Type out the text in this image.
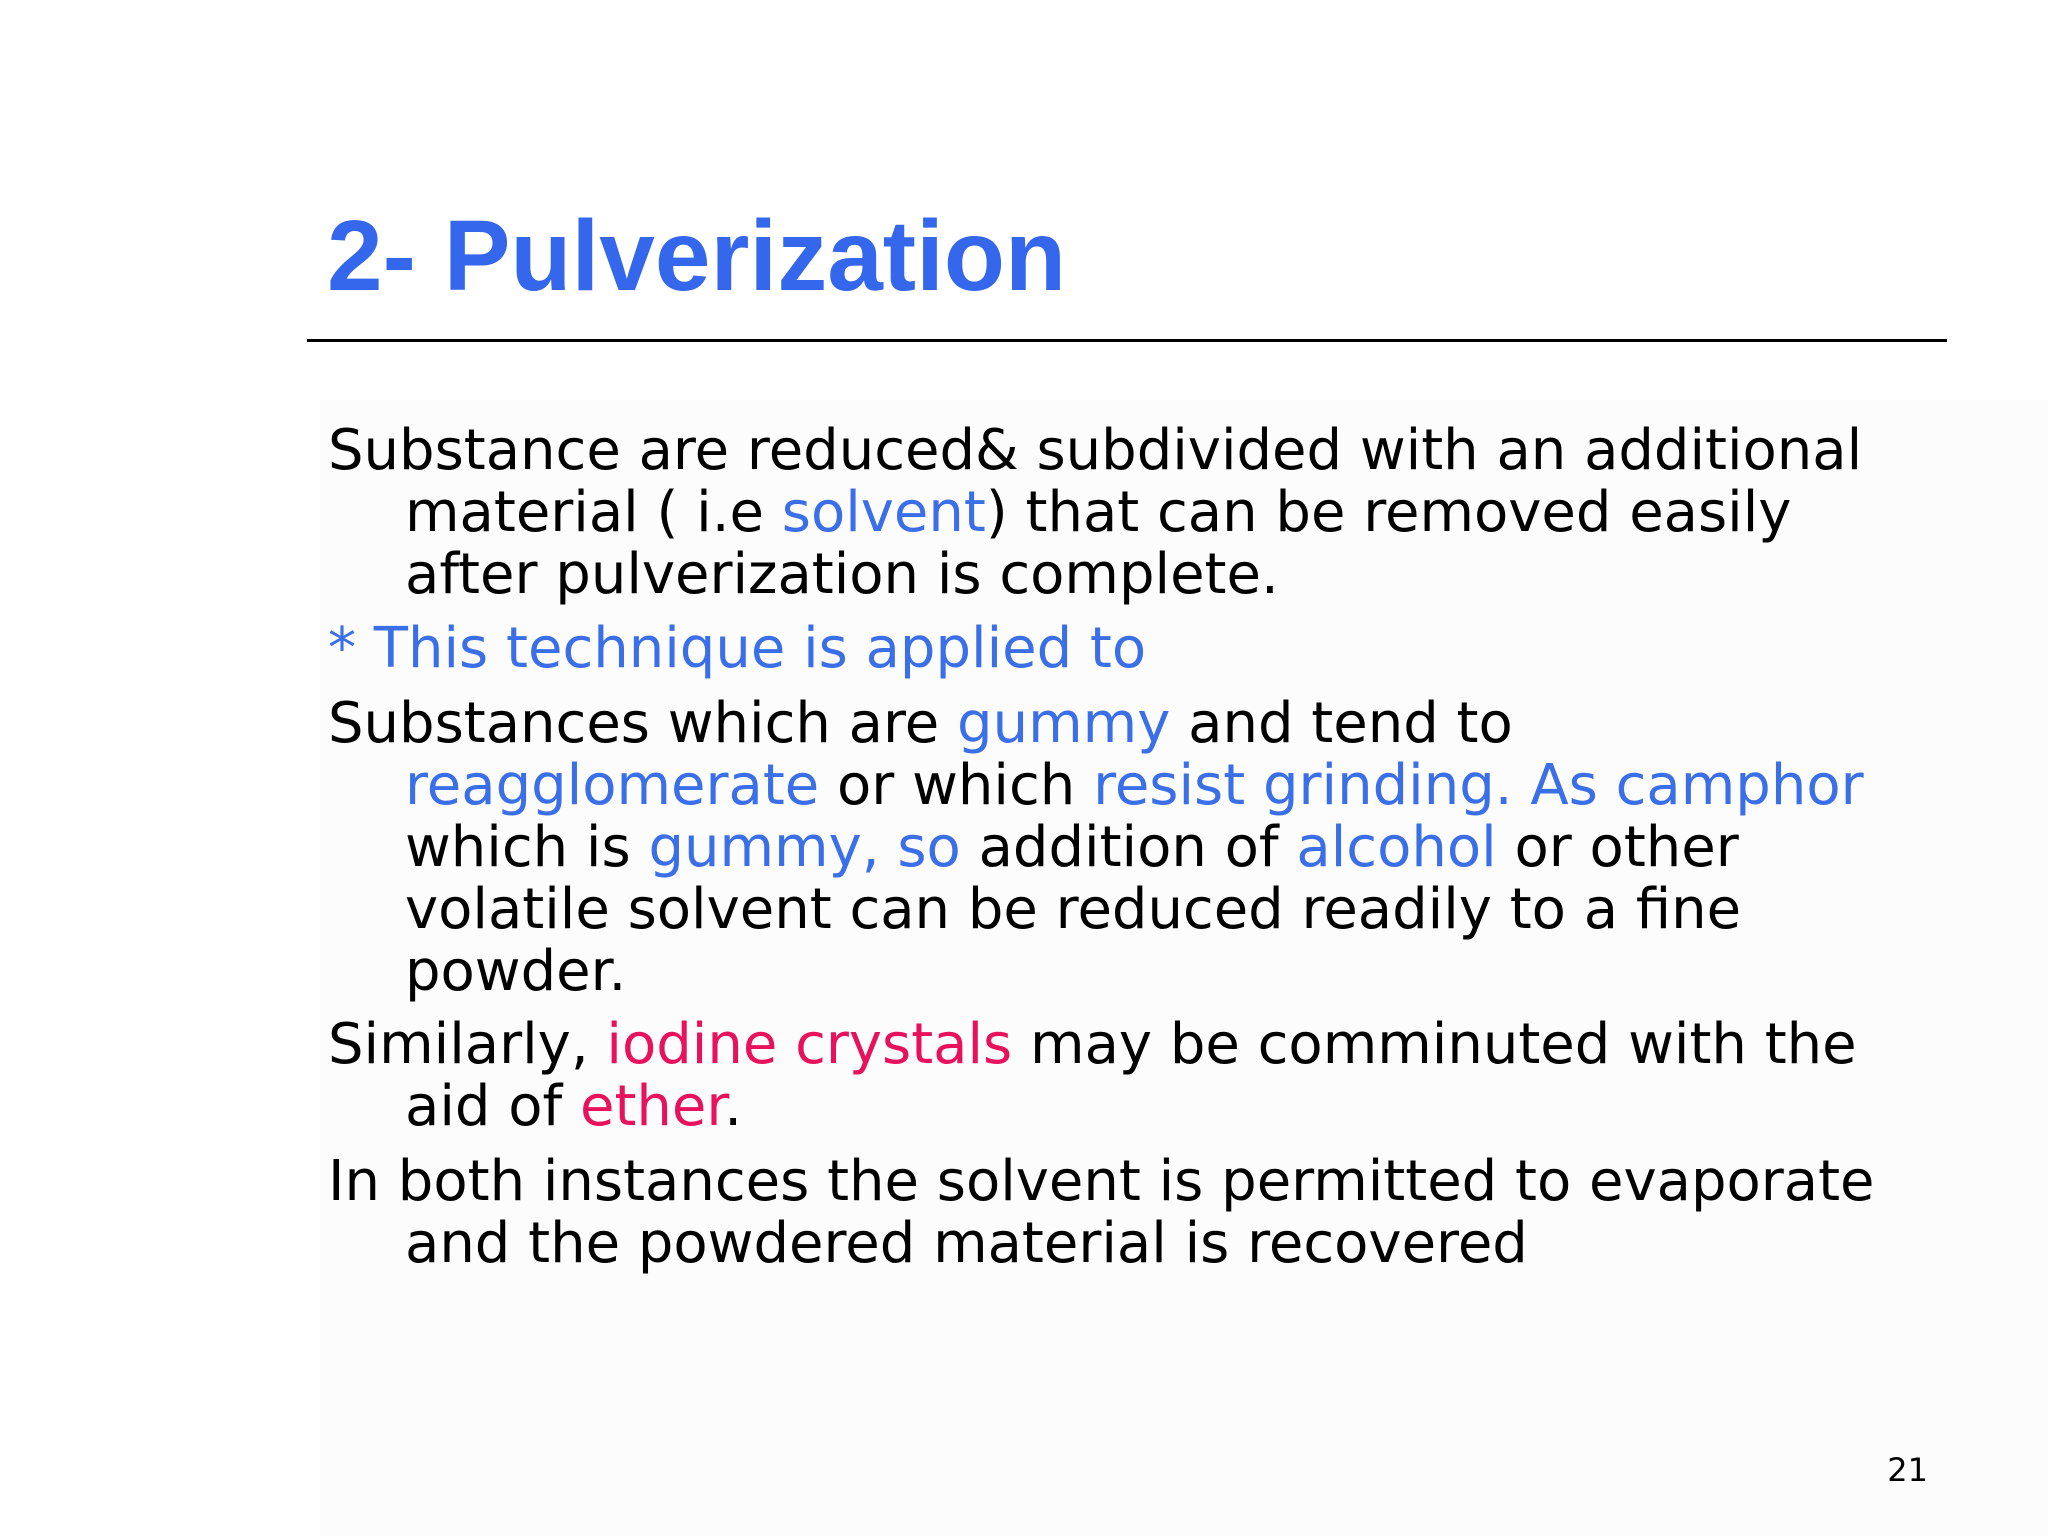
2- Pulverization

Substance are reduced& subdivided with an additional
material ( i.e solvent) that can be removed easily
after pulverization is complete.

* This technique is applied to

Substances which are gummy and tend to
reagglomerate or which resist grinding. As camphor
which is gummy, so addition of alcohol or other
volatile solvent can be reduced readily to a fine
powder.

Similarly, iodine crystals may be comminuted with the
aid of ether.

In both instances the solvent is permitted to evaporate
and the powdered material is recovered

21
